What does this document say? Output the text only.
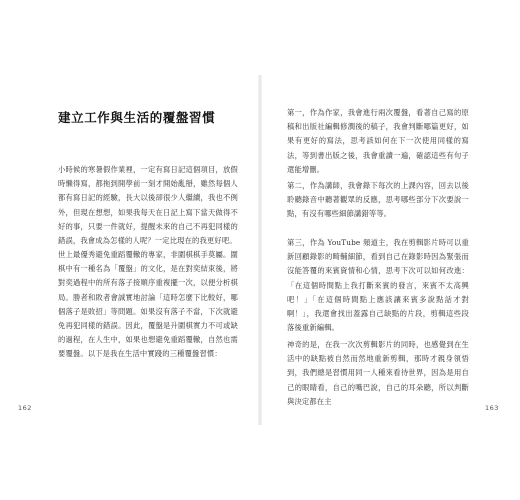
建立工作與生活的覆盤習慣

小時候的寒暑假作業裡，一定有寫日記這個項目，放假時懶得寫，都拖到開學前一刻才開始亂掰，雖然每個人都有寫日記的經驗，長大以後卻很少人繼續，我也不例外，但現在想想，如果我每天在日記上寫下當天做得不好的事，只要一件就好，提醒未來的自己不再犯同樣的錯誤，我會成為怎樣的人呢？一定比現在的我更好吧。

世上最優秀避免重蹈覆轍的專家，非圍棋棋手莫屬。圍棋中有一種名為「覆盤」的文化，是在對奕結束後，將對奕過程中的所有落子接順序重複擺一次，以便分析棋局。勝者和敗者會誠實地討論「這時怎麼下比較好，哪個落子是敗招」等問題。如果沒有落子不當，下次就避免再犯同樣的錯誤。因此，覆盤是升圍棋實力不可或缺的過程，在人生中，如果也想避免重蹈覆轍，自然也需要覆盤。以下是我在生活中實踐的三種覆盤習慣：

162

第一，作為作家，我會進行兩次覆盤，看著自己寫的原稿和出版社編輯修潤後的稿子，我會判斷哪篇更好，如果有更好的寫法，思考該如何在下一次使用同樣的寫法，等到書出版之後，我會重讀一遍，確認這些有句子還能增刪。

第二，作為講師，我會錄下每次的上課內容，回去以後聆聽錄音中聽著觀眾的反應，思考哪些部分下次要說一點，有沒有哪些細節講錯等等。

第三，作為 YouTube 頻道主，我在剪輯影片時可以重新回顧錄影的畸輔細節，看到自己在錄影時因為緊張而沒能答覆的來賓資情和心情，思考下次可以如何改進：「在這個時間點上我打斷來賓的發言，來賓不太高興吧！」「在這個時間點上應該讓來賓多說點話才對啊！」，我還會找出蓋露自己缺點的片段，剪輯這些段落後重新編輯。

神奇的是，在我一次次剪輯影片的同時，也感覺到在生活中的缺點被自然而然地重新剪輯，那時才親身領悟到，我們總是習慣用同一人種來看待世界，因為是用自己的眼睛看，自己的嘴巴說，自己的耳朵聽，所以判斷與決定都在主

163
